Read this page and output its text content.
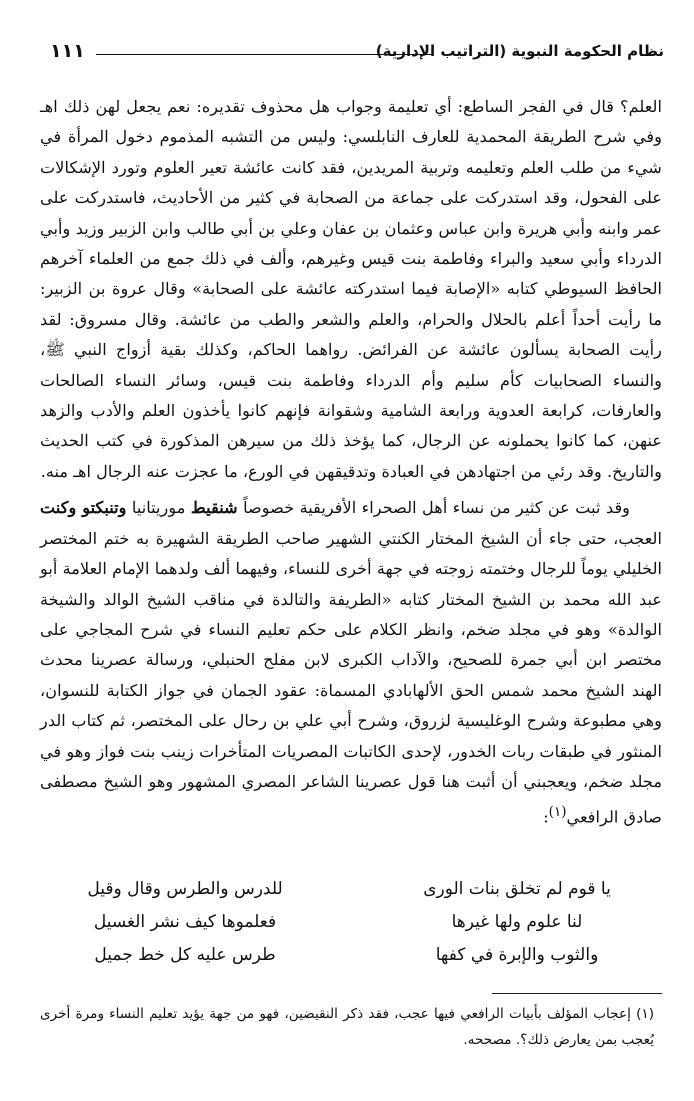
نظام الحكومة النبوية (التراتيب الإدارية)
١١١

العلم؟ قال في الفجر الساطع: أي تعليمة وجواب هل محذوف تقديره: نعم يجعل لهن ذلك اهـ وفي شرح الطريقة المحمدية للعارف النابلسي: وليس من التشبه المذموم دخول المرأة في شيء من طلب العلم وتعليمه وتربية المريدين، فقد كانت عائشة تعير العلوم وتورد الإشكالات على الفحول، وقد استدركت على جماعة من الصحابة في كثير من الأحاديث، فاستدركت على عمر وابنه وأبي هريرة وابن عباس وعثمان بن عفان وعلي بن أبي طالب وابن الزبير وزيد وأبي الدرداء وأبي سعيد والبراء وفاطمة بنت قيس وغيرهم، وألف في ذلك جمع من العلماء آخرهم الحافظ السيوطي كتابه «الإصابة فيما استدركته عائشة على الصحابة» وقال عروة بن الزبير: ما رأيت أحداً أعلم بالحلال والحرام، والعلم والشعر والطب من عائشة. وقال مسروق: لقد رأيت الصحابة يسألون عائشة عن الفرائض. رواهما الحاكم، وكذلك بقية أزواج النبي ﷺ، والنساء الصحابيات كأم سليم وأم الدرداء وفاطمة بنت قيس، وسائر النساء الصالحات والعارفات، كرابعة العدوية ورابعة الشامية وشقوانة فإنهم كانوا يأخذون العلم والأدب والزهد عنهن، كما كانوا يحملونه عن الرجال، كما يؤخذ ذلك من سيرهن المذكورة في كتب الحديث والتاريخ. وقد رئي من اجتهادهن في العبادة وتدقيقهن في الورع، ما عجزت عنه الرجال اهـ منه.

وقد ثبت عن كثير من نساء أهل الصحراء الأفريقية خصوصاً شنقيط موريتانيا وتنبكتو وكنت العجب، حتى جاء أن الشيخ المختار الكنتي الشهير صاحب الطريقة الشهيرة به ختم المختصر الخليلي يوماً للرجال وختمته زوجته في جهة أخرى للنساء، وفيهما ألف ولدهما الإمام العلامة أبو عبد الله محمد بن الشيخ المختار كتابه «الطريفة والتالدة في مناقب الشيخ الوالد والشيخة الوالدة» وهو في مجلد ضخم، وانظر الكلام على حكم تعليم النساء في شرح المجاجي على مختصر ابن أبي جمرة للصحيح، والآداب الكبرى لابن مفلح الحنبلي، ورسالة عصرينا محدث الهند الشيخ محمد شمس الحق الألهابادي المسماة: عقود الجمان في جواز الكتابة للنسوان، وهي مطبوعة وشرح الوغليسية لزروق، وشرح أبي علي بن رحال على المختصر، ثم كتاب الدر المنثور في طبقات ربات الخدور، لإحدى الكاتبات المصريات المتأخرات زينب بنت فواز وهو في مجلد ضخم، ويعجبني أن أثبت هنا قول عصرينا الشاعر المصري المشهور وهو الشيخ مصطفى صادق الرافعي$^{(١)}$:

يا قوم لم تخلق بنات الورى
للدرس والطرس وقال وقيل
لنا علوم ولها غيرها
فعلموها كيف نشر الغسيل
والثوب والإبرة في كفها
طرس عليه كل خط جميل

(١) إعجاب المؤلف بأبيات الرافعي فيها عجب، فقد ذكر النقيضين، فهو من جهة يؤيد تعليم النساء ومرة أخرى يُعجب بمن يعارض ذلك؟. مصححه.
